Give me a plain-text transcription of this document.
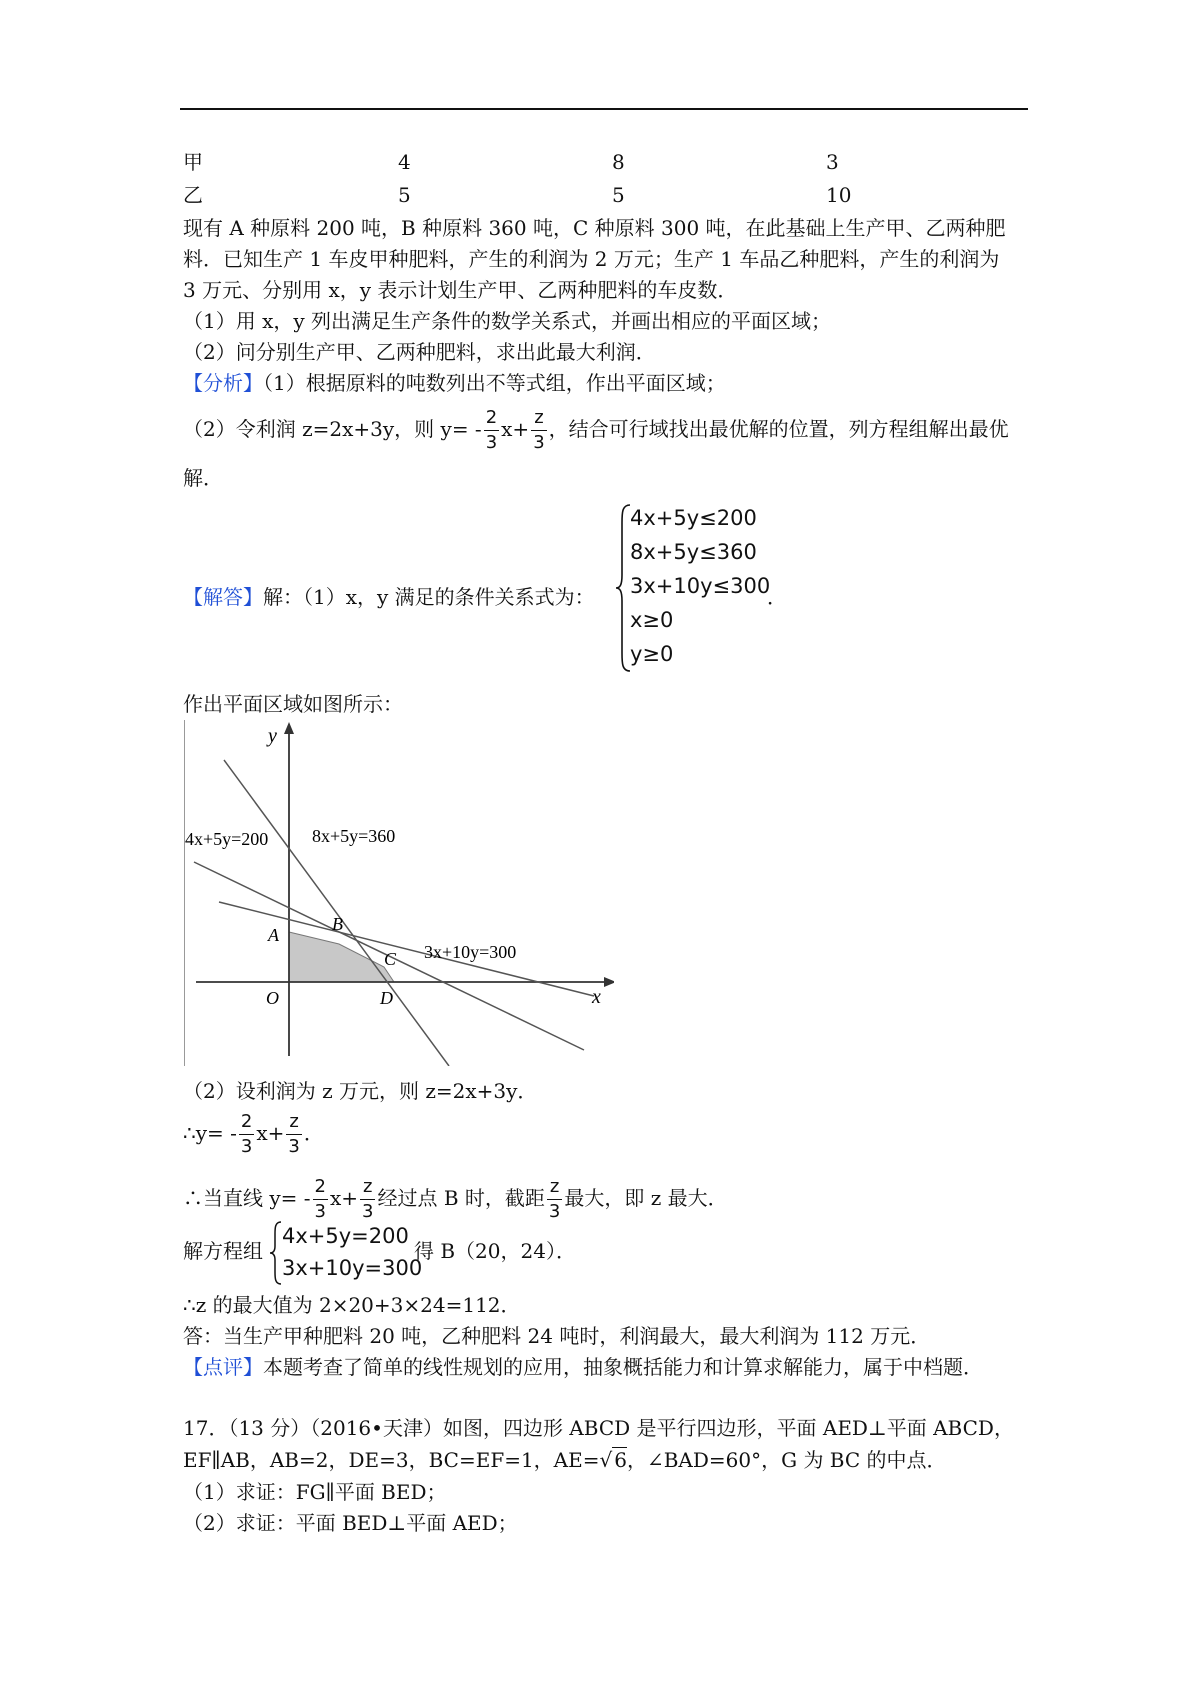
甲	4	8	3
乙	5	5	10
现有 A 种原料 200 吨，B 种原料 360 吨，C 种原料 300 吨，在此基础上生产甲、乙两种肥
料．已知生产 1 车皮甲种肥料，产生的利润为 2 万元；生产 1 车品乙种肥料，产生的利润为
3 万元、分别用 x，y 表示计划生产甲、乙两种肥料的车皮数．
（1）用 x，y 列出满足生产条件的数学关系式，并画出相应的平面区域；
（2）问分别生产甲、乙两种肥料，求出此最大利润．
【分析】（1）根据原料的吨数列出不等式组，作出平面区域；
（2）令利润 z=2x+3y，则 $y= - \frac{2}{3} x+ \frac{z}{3}$ ，结合可行域找出最优解的位置，列方程组解出最优
解．
【解答】解：（1）x，y 满足的条件关系式为：
4x+5y≤200
8x+5y≤360
3x+10y≤300
x≥0
y≥0
．
作出平面区域如图所示：
y
x
O
A
B
C
D
4x+5y=200 8x+5y=360
3x+10y=300
（2）设利润为 z 万元，则 z=2x+3y．
∴y= - $\frac{2}{3} x+ \frac{z}{3}$ ．
∴当直线 $y= - \frac{2}{3} x+ \frac{z}{3}$ 经过点 B 时，截距 $\frac{z}{3}$ 最大，即 z 最大．
解方程组
4x+5y=200
3x+10y=300
得 B（20，24）．
∴z 的最大值为 2×20+3×24=112．
答：当生产甲种肥料 20 吨，乙种肥料 24 吨时，利润最大，最大利润为 112 万元．
【点评】本题考查了简单的线性规划的应用，抽象概括能力和计算求解能力，属于中档题．
17．（13 分）（2016•天津）如图，四边形 ABCD 是平行四边形，平面 AED⊥平面 ABCD，
EF∥AB，AB=2，DE=3，BC=EF=1，AE=√ 6，∠BAD=60°，G 为 BC 的中点．
（1）求证：FG∥平面 BED；
（2）求证：平面 BED⊥平面 AED；
